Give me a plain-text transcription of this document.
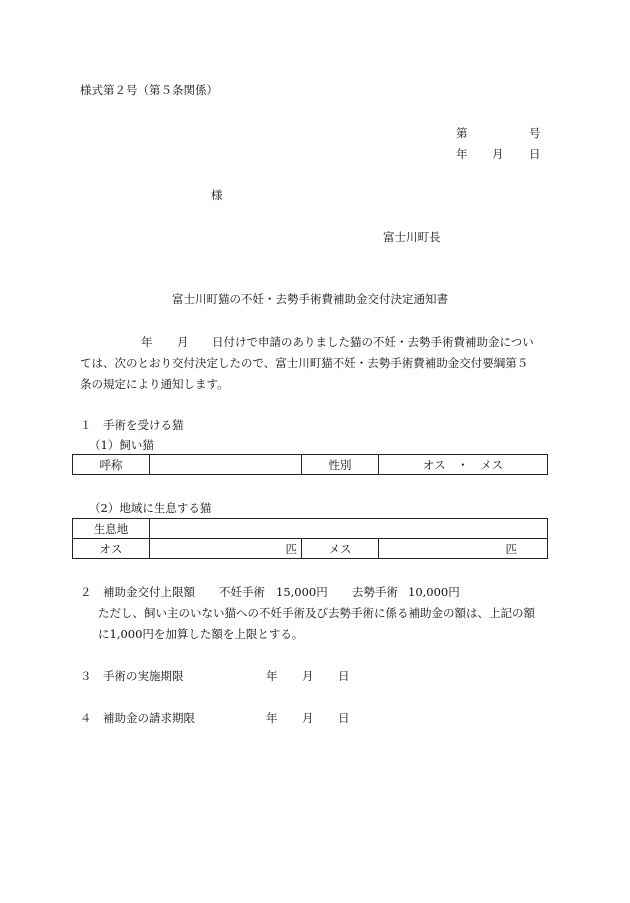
様式第２号（第５条関係）
第	号
年 月 日
様
富士川町長
富士川町猫の不妊・去勢手術費補助金交付決定通知書
年 月 日付けで申請のありました猫の不妊・去勢手術費補助金につい
ては、次のとおり交付決定したので、富士川町猫不妊・去勢手術費補助金交付要綱第５
条の規定により通知します。
１　手術を受ける猫
（1）飼い猫
呼称		性別	オス　・　メス
（2）地域に生息する猫
生息地			
オス	匹	メス	匹
２　補助金交付上限額 不妊手術 15,000円 去勢手術 10,000円
ただし、飼い主のいない猫への不妊手術及び去勢手術に係る補助金の額は、上記の額
に1,000円を加算した額を上限とする。
３　手術の実施期限	年 月 日
４　補助金の請求期限	年 月 日
